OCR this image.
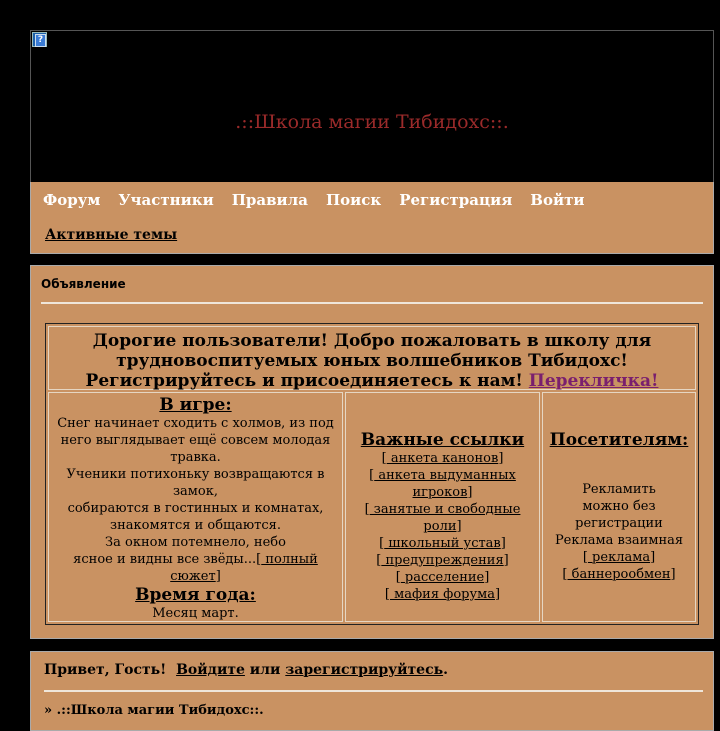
?
.::Школа магии Тибидохс::.
Форум Участники Правила Поиск Регистрация Войти
Активные темы
Объявление
Дорогие пользователи! Добро пожаловать в школу для
трудновоспитуемых юных волшебников Тибидохс!
Регистрируйтесь и присоединяетесь к нам! Перекличка!
В игре:
Снег начинает сходить с холмов, из под
него выглядывает ещё совсем молодая
травка.
Ученики потихоньку возвращаются в
замок,
собираются в гостинных и комнатах,
знакомятся и общаются.
За окном потемнело, небо
ясное и видны все звёды...[ полный
сюжет]
Время года:
Месяц март.
Важные ссылки
[ анкета канонов]
[ анкета выдуманных
игроков]
[ занятые и свободные
роли]
[ школьный устав]
[ предупреждения]
[ расселение]
[ мафия форума]
Посетителям:
Рекламить
можно без
регистрации
Реклама взаимная
[ реклама]
[ баннерообмен]
Привет, Гость! Войдите или зарегистрируйтесь.
» .::Школа магии Тибидохс::.
